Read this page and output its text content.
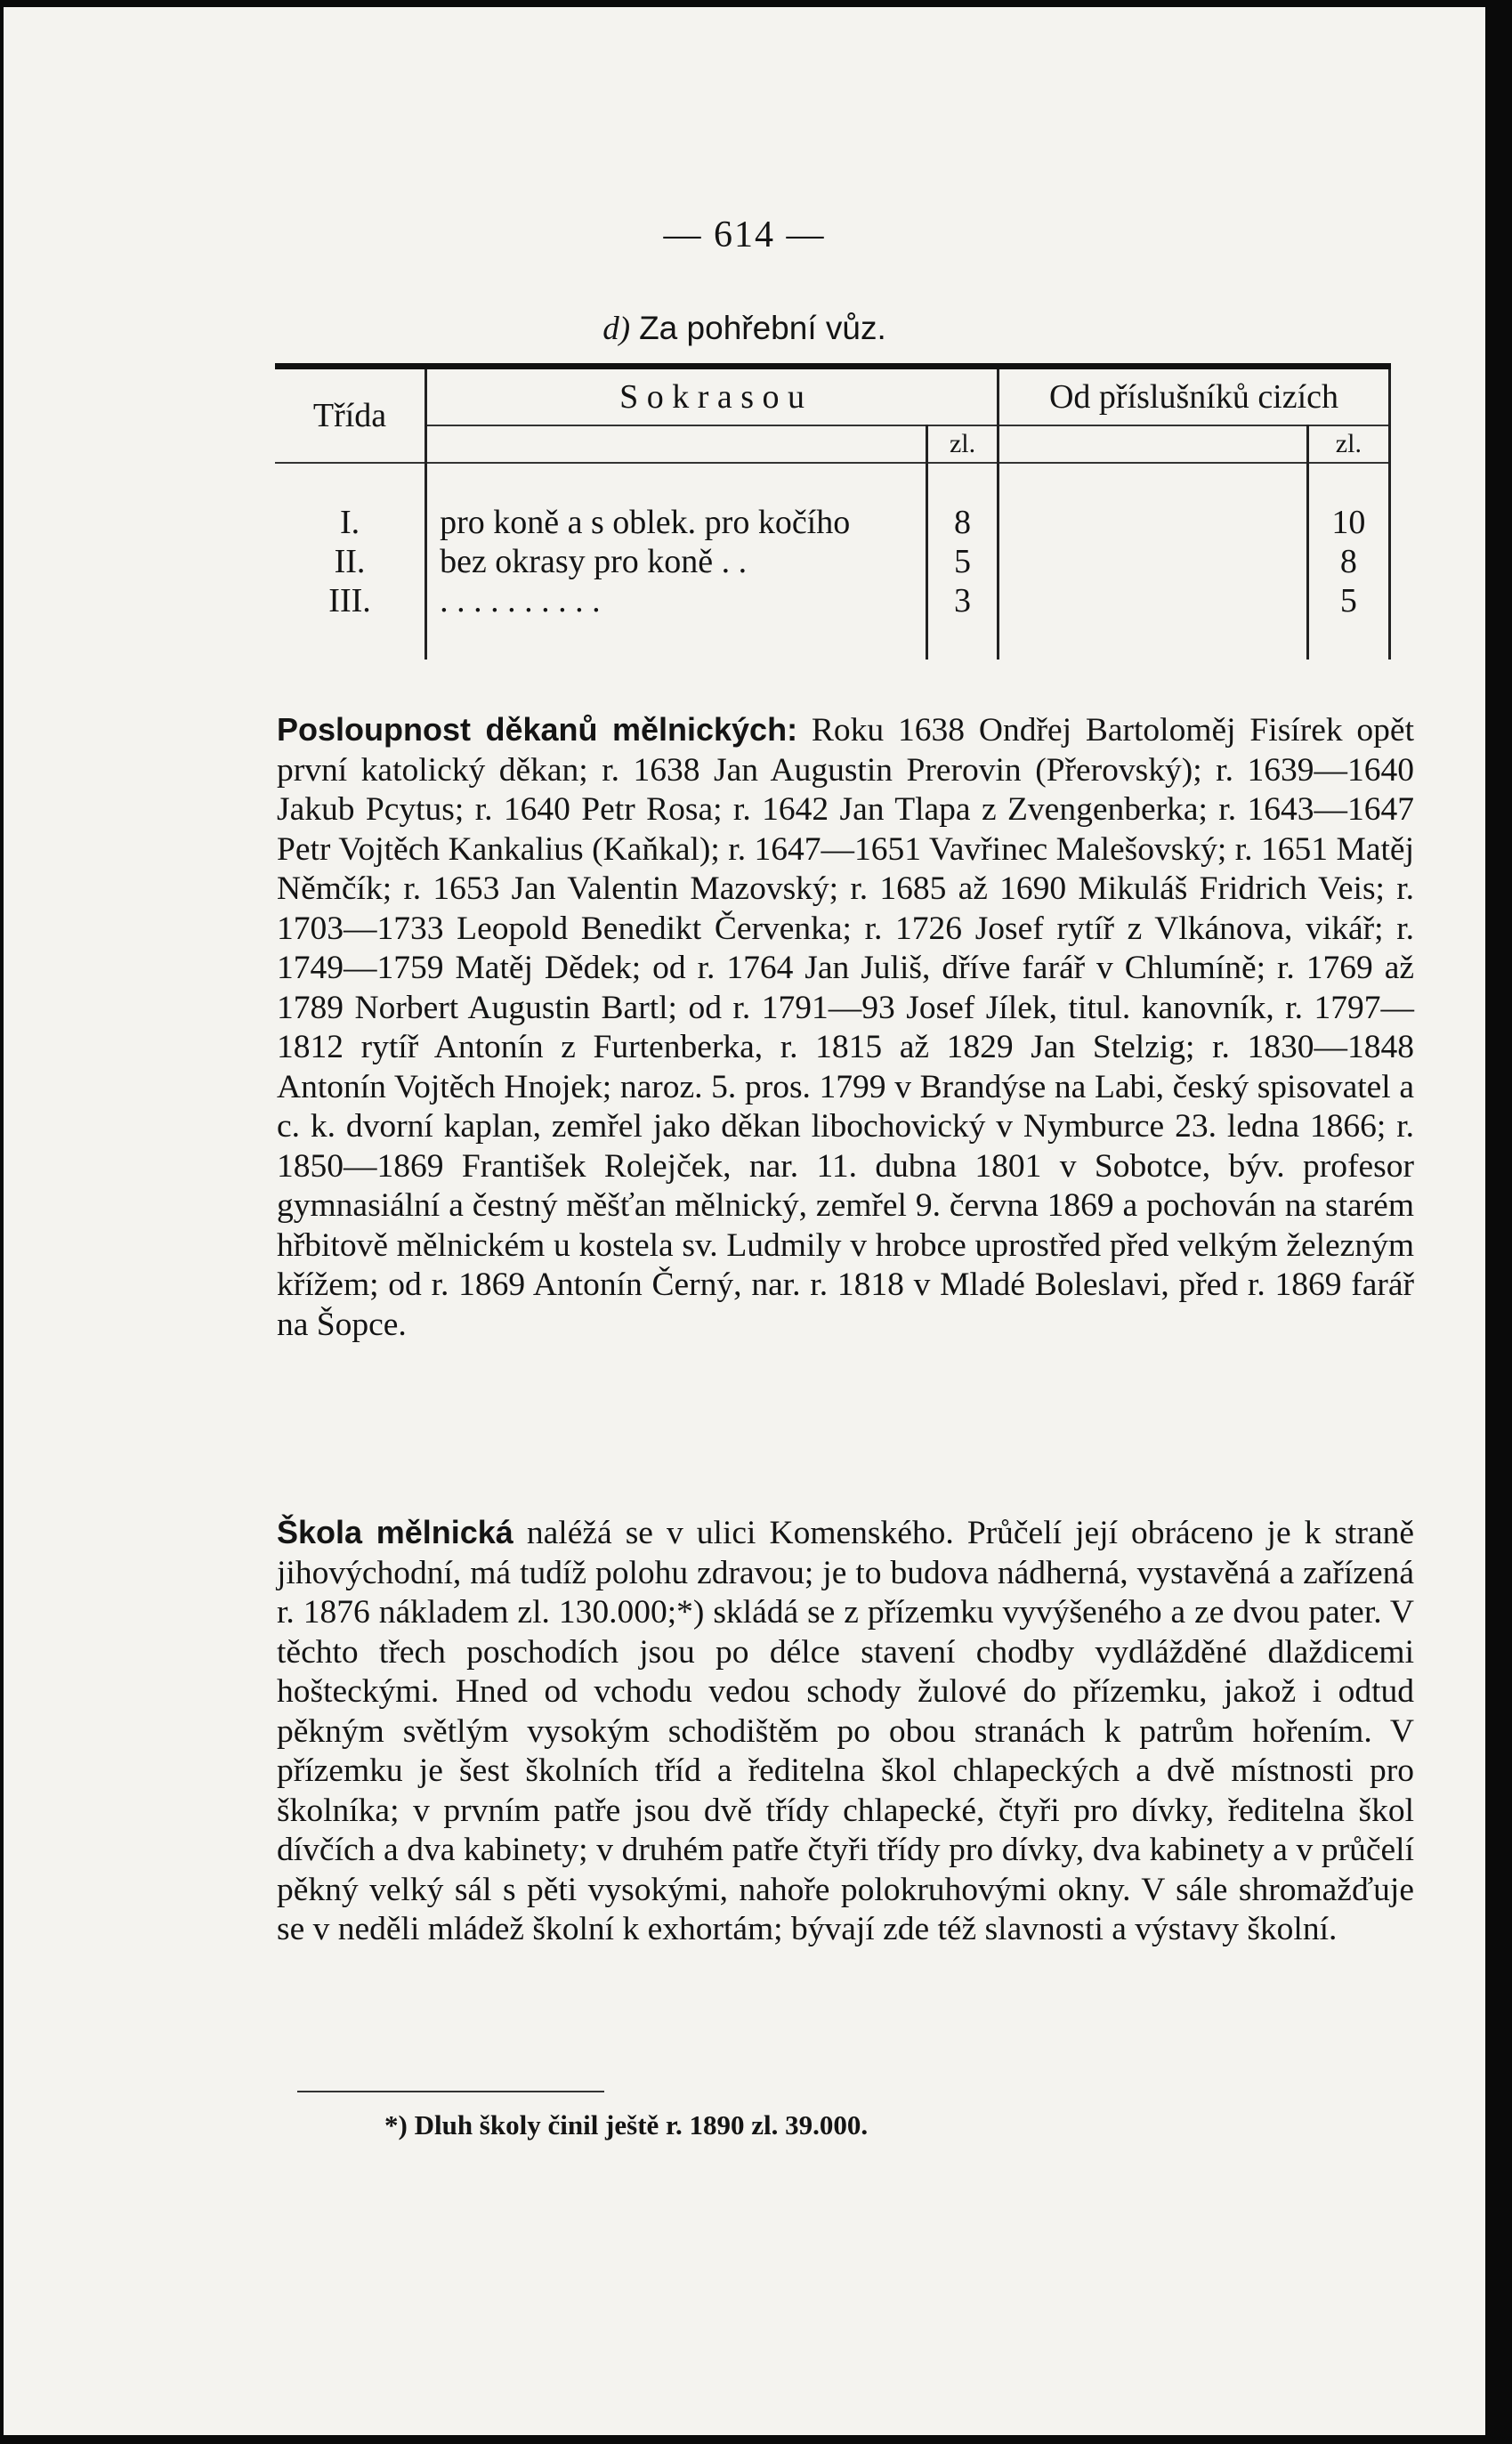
— 614 —
d) Za pohřební vůz.
Třída	S o k r a s o u		Od příslušníků cizích	
		zl.		zl.

I.	pro koně a s oblek. pro kočího	8		10
II.	bez okrasy pro koně . .	5		8
III.	. . . . . . . . . .	3		5

Posloupnost děkanů mělnických: Roku 1638 Ondřej Bartoloměj Fisírek opět první katolický děkan; r. 1638 Jan Augustin Prerovin (Přerovský); r. 1639—1640 Jakub Pcytus; r. 1640 Petr Rosa; r. 1642 Jan Tlapa z Zvengenberka; r. 1643—1647 Petr Vojtěch Kankalius (Kaňkal); r. 1647—1651 Vavřinec Malešovský; r. 1651 Matěj Němčík; r. 1653 Jan Valentin Mazovský; r. 1685 až 1690 Mikuláš Fridrich Veis; r. 1703—1733 Leopold Benedikt Červenka; r. 1726 Josef rytíř z Vlkánova, vikář; r. 1749—1759 Matěj Dědek; od r. 1764 Jan Juliš, dříve farář v Chlumíně; r. 1769 až 1789 Norbert Augustin Bartl; od r. 1791—93 Josef Jílek, titul. kanovník, r. 1797—1812 rytíř Antonín z Furtenberka, r. 1815 až 1829 Jan Stelzig; r. 1830—1848 Antonín Vojtěch Hnojek; naroz. 5. pros. 1799 v Brandýse na Labi, český spisovatel a c. k. dvorní kaplan, zemřel jako děkan libochovický v Nymburce 23. ledna 1866; r. 1850—1869 František Rolejček, nar. 11. dubna 1801 v Sobotce, býv. profesor gymnasiální a čestný měšťan mělnický, zemřel 9. června 1869 a pochován na starém hřbitově mělnickém u kostela sv. Ludmily v hrobce uprostřed před velkým železným křížem; od r. 1869 Antonín Černý, nar. r. 1818 v Mladé Boleslavi, před r. 1869 farář na Šopce.
Škola mělnická naléžá se v ulici Komenského. Průčelí její obráceno je k straně jihovýchodní, má tudíž polohu zdravou; je to budova nádherná, vystavěná a zařízená r. 1876 nákladem zl. 130.000;*) skládá se z přízemku vyvýšeného a ze dvou pater. V těchto třech poschodích jsou po délce stavení chodby vydlážděné dlaždicemi hošteckými. Hned od vchodu vedou schody žulové do přízemku, jakož i odtud pěkným světlým vysokým schodištěm po obou stranách k patrům hořením. V přízemku je šest školních tříd a ředitelna škol chlapeckých a dvě místnosti pro školníka; v prvním patře jsou dvě třídy chlapecké, čtyři pro dívky, ředitelna škol dívčích a dva kabinety; v druhém patře čtyři třídy pro dívky, dva kabinety a v průčelí pěkný velký sál s pěti vysokými, nahoře polokruhovými okny. V sále shromažďuje se v neděli mládež školní k exhortám; bývají zde též slavnosti a výstavy školní.
*) Dluh školy činil ještě r. 1890 zl. 39.000.
